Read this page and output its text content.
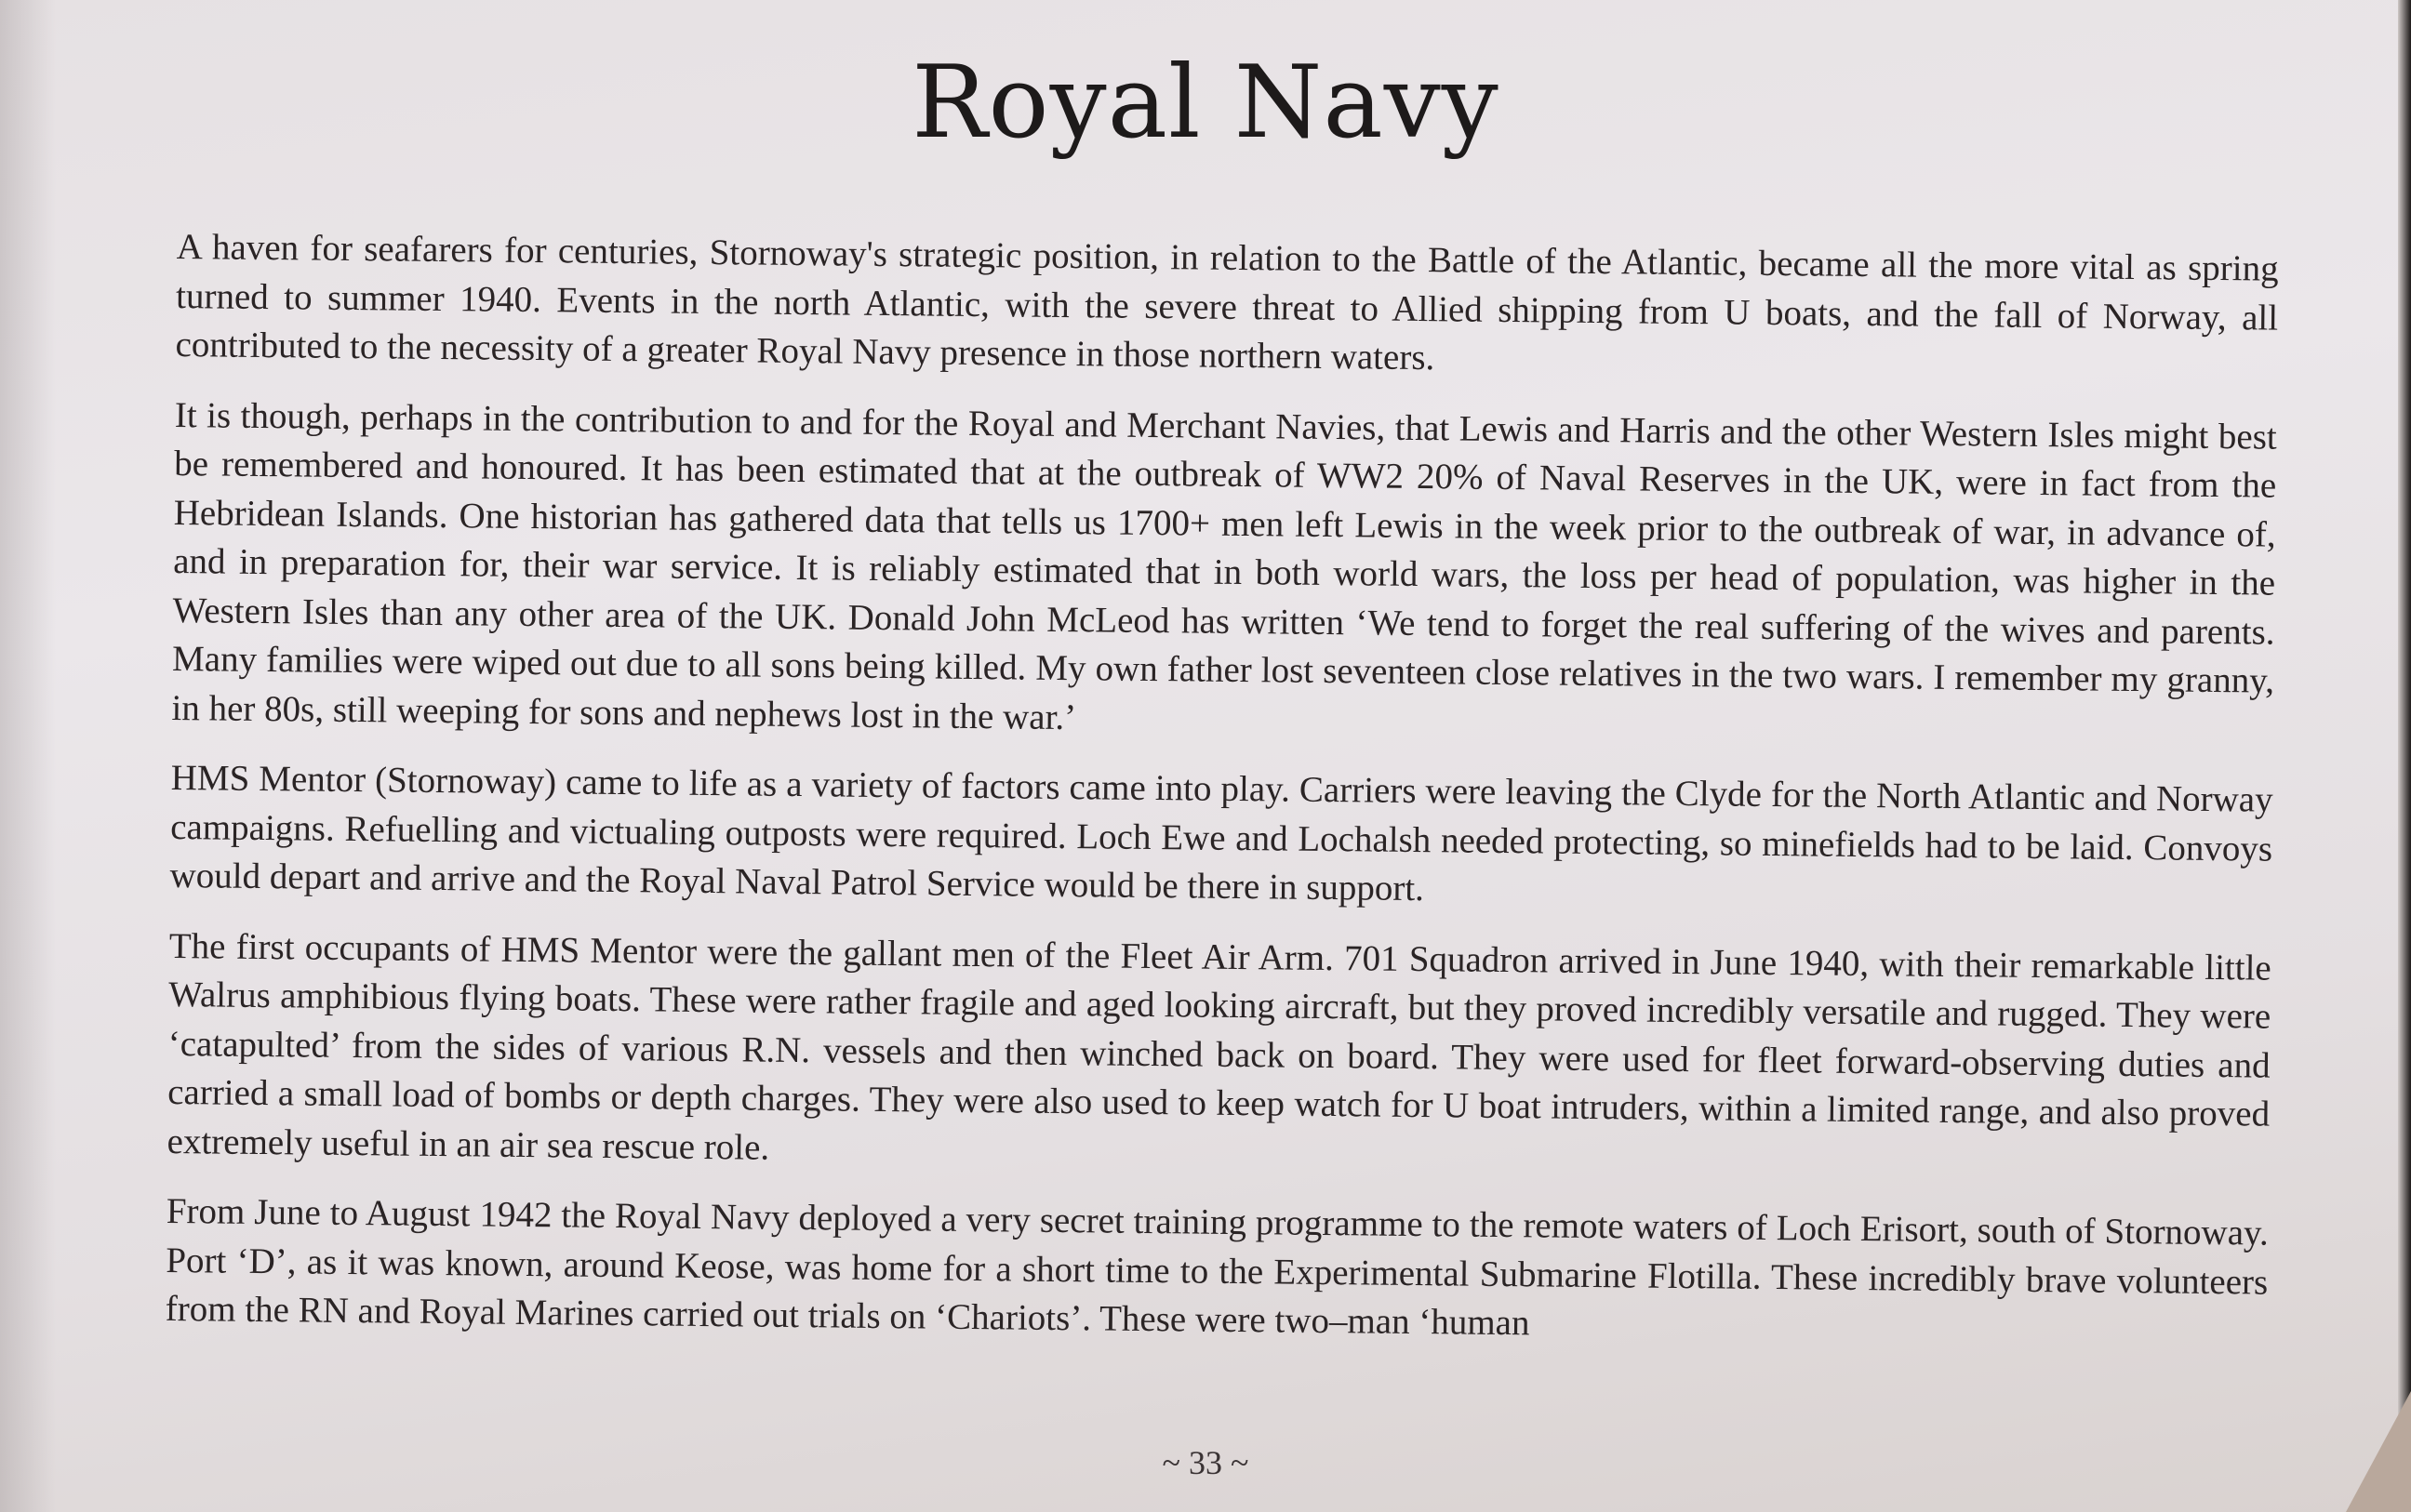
Royal Navy

A haven for seafarers for centuries, Stornoway's strategic position, in relation to the Battle of the Atlantic, became all the more vital as spring turned to summer 1940. Events in the north Atlantic, with the severe threat to Allied shipping from U boats, and the fall of Norway, all contributed to the necessity of a greater Royal Navy presence in those northern waters.

It is though, perhaps in the contribution to and for the Royal and Merchant Navies, that Lewis and Harris and the other Western Isles might best be remembered and honoured. It has been estimated that at the outbreak of WW2 20% of Naval Reserves in the UK, were in fact from the Hebridean Islands. One historian has gathered data that tells us 1700+ men left Lewis in the week prior to the outbreak of war, in advance of, and in preparation for, their war service. It is reliably estimated that in both world wars, the loss per head of population, was higher in the Western Isles than any other area of the UK. Donald John McLeod has written ‘We tend to forget the real suffering of the wives and parents. Many families were wiped out due to all sons being killed. My own father lost seventeen close relatives in the two wars. I remember my granny, in her 80s, still weeping for sons and nephews lost in the war.’

HMS Mentor (Stornoway) came to life as a variety of factors came into play. Carriers were leaving the Clyde for the North Atlantic and Norway campaigns. Refuelling and victualing outposts were required. Loch Ewe and Lochalsh needed protecting, so minefields had to be laid. Convoys would depart and arrive and the Royal Naval Patrol Service would be there in support.

The first occupants of HMS Mentor were the gallant men of the Fleet Air Arm. 701 Squadron arrived in June 1940, with their remarkable little Walrus amphibious flying boats. These were rather fragile and aged looking aircraft, but they proved incredibly versatile and rugged. They were ‘catapulted’ from the sides of various R.N. vessels and then winched back on board. They were used for fleet forward-observing duties and carried a small load of bombs or depth charges. They were also used to keep watch for U boat intruders, within a limited range, and also proved extremely useful in an air sea rescue role.

From June to August 1942 the Royal Navy deployed a very secret training programme to the remote waters of Loch Erisort, south of Stornoway. Port ‘D’, as it was known, around Keose, was home for a short time to the Experimental Submarine Flotilla. These incredibly brave volunteers from the RN and Royal Marines carried out trials on ‘Chariots’. These were two–man ‘human

~ 33 ~
